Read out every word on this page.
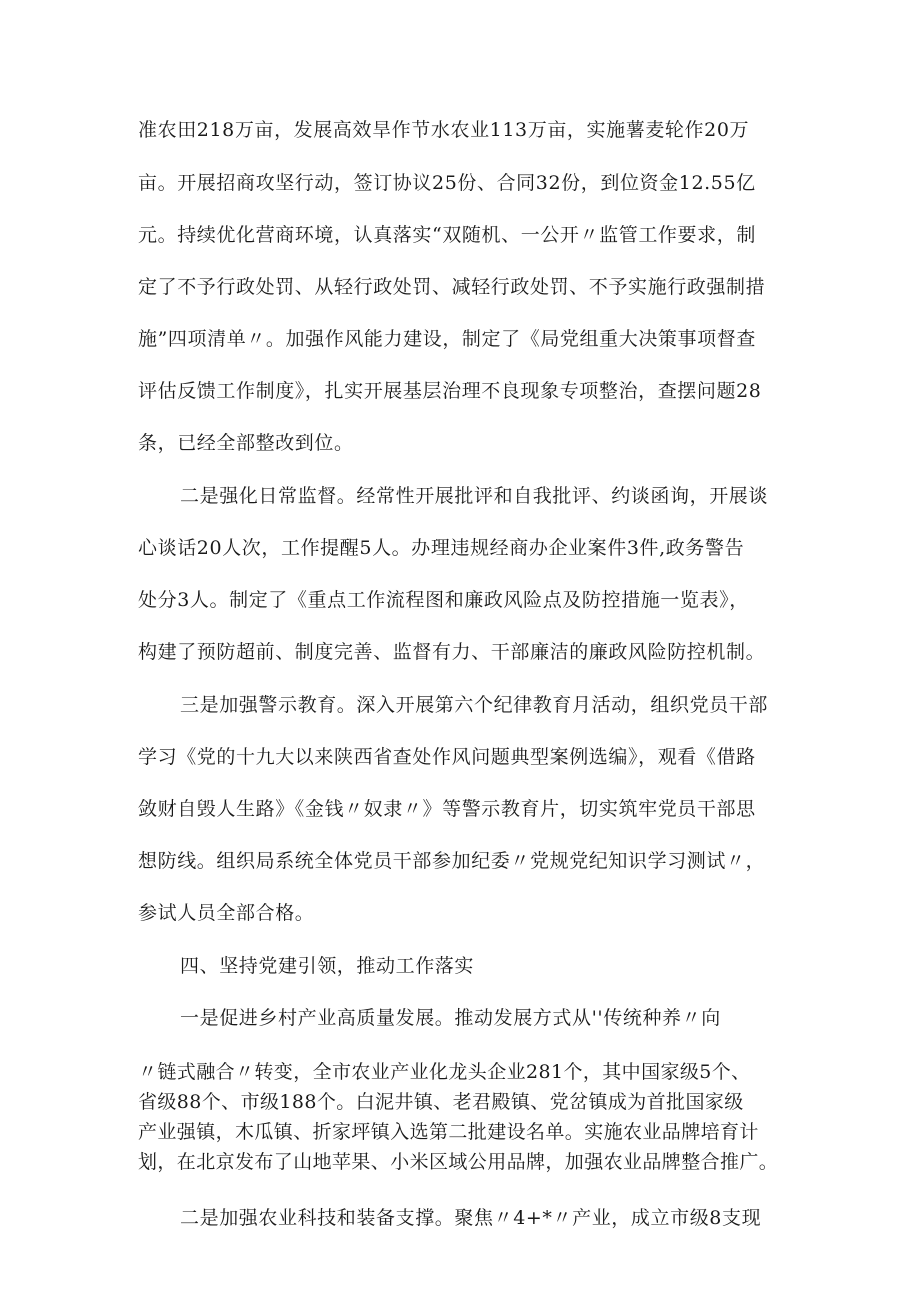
准农田218万亩，发展高效旱作节水农业113万亩，实施薯麦轮作20万
亩。开展招商攻坚行动，签订协议25份、合同32份，到位资金12.55亿
元。持续优化营商环境，认真落实“双随机、一公开〃监管工作要求，制
定了不予行政处罚、从轻行政处罚、减轻行政处罚、不予实施行政强制措
施”四项清单〃。加强作风能力建设，制定了《局党组重大决策事项督查
评估反馈工作制度》，扎实开展基层治理不良现象专项整治，查摆问题28
条，已经全部整改到位。
二是强化日常监督。经常性开展批评和自我批评、约谈函询，开展谈
心谈话20人次，工作提醒5人。办理违规经商办企业案件3件,政务警告
处分3人。制定了《重点工作流程图和廉政风险点及防控措施一览表》，
构建了预防超前、制度完善、监督有力、干部廉洁的廉政风险防控机制。
三是加强警示教育。深入开展第六个纪律教育月活动，组织党员干部
学习《党的十九大以来陕西省查处作风问题典型案例选编》，观看《借路
敛财自毁人生路》《金钱〃奴隶〃》等警示教育片，切实筑牢党员干部思
想防线。组织局系统全体党员干部参加纪委〃党规党纪知识学习测试〃，
参试人员全部合格。
四、坚持党建引领，推动工作落实
一是促进乡村产业高质量发展。推动发展方式从''传统种养〃向
〃链式融合〃转变，全市农业产业化龙头企业281个，其中国家级5个、
省级88个、市级188个。白泥井镇、老君殿镇、党岔镇成为首批国家级
产业强镇，木瓜镇、折家坪镇入选第二批建设名单。实施农业品牌培育计
划，在北京发布了山地苹果、小米区域公用品牌，加强农业品牌整合推广。
二是加强农业科技和装备支撑。聚焦〃4+*〃产业，成立市级8支现
